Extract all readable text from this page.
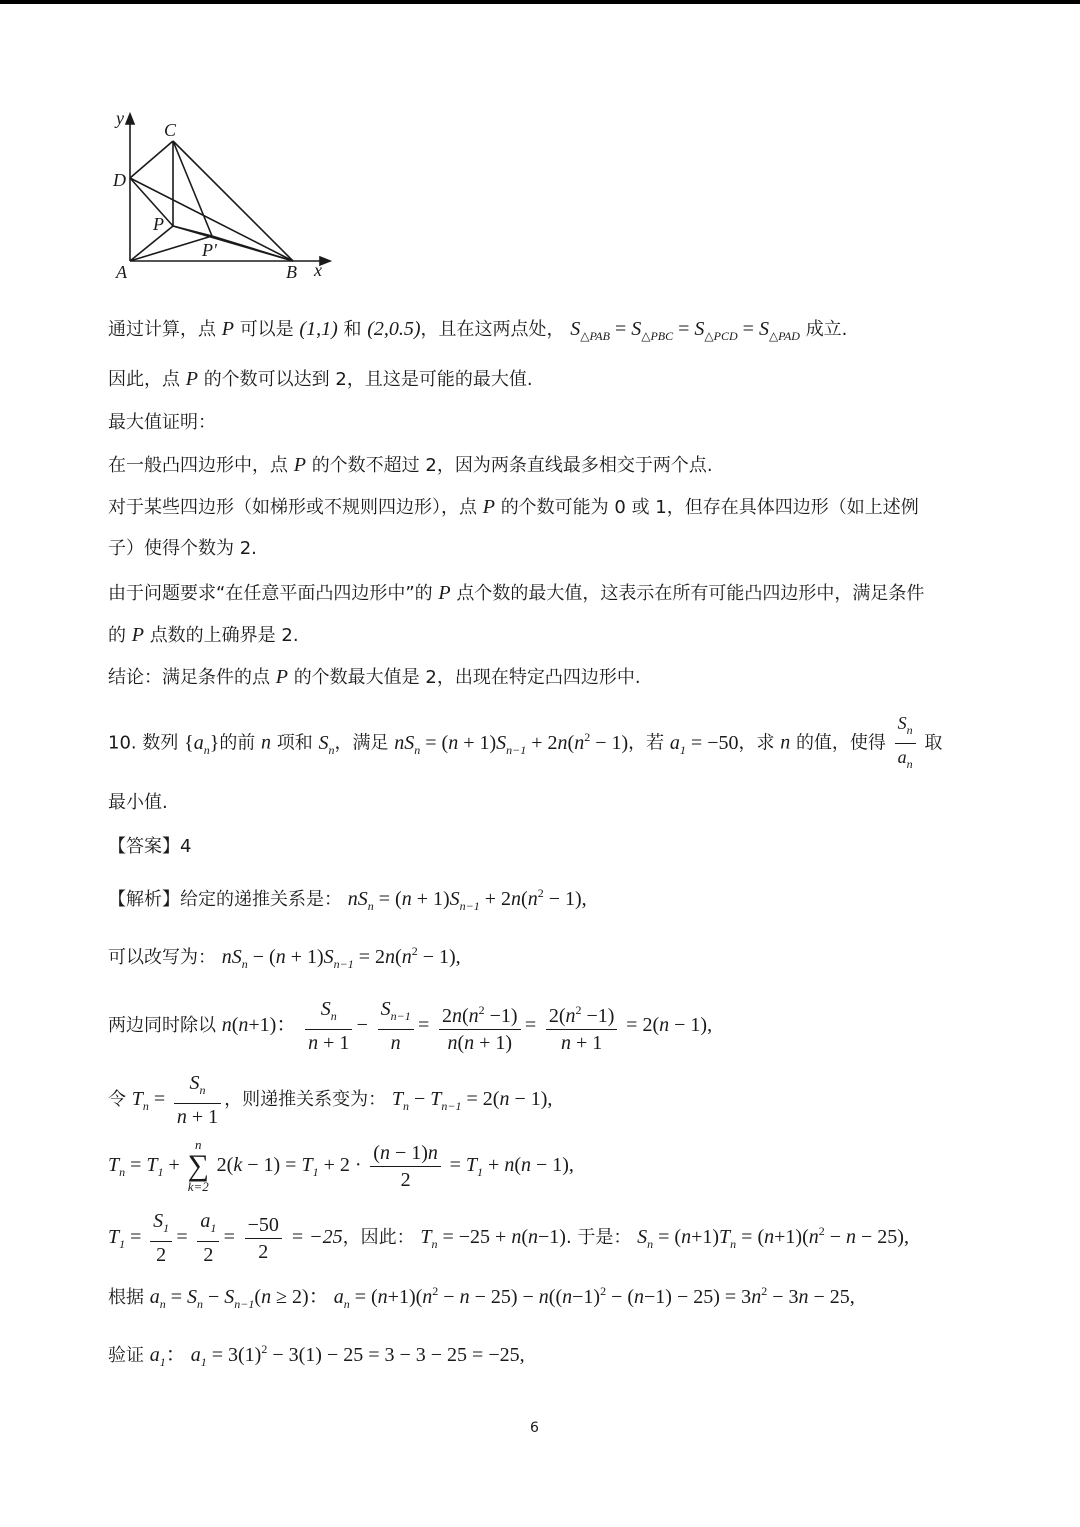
y
C
D
P
P'
A	B x
通过计算，点 P 可以是 (1,1) 和 (2,0.5)，且在这两点处， $S_{\triangle PAB} = S_{\triangle PBC} = S_{\triangle PCD} = S_{\triangle PAD}$ 成立.
因此，点 P 的个数可以达到 2，且这是可能的最大值.
最大值证明：
在一般凸四边形中，点 P 的个数不超过 2，因为两条直线最多相交于两个点.
对于某些四边形（如梯形或不规则四边形），点 P 的个数可能为 0 或 1，但存在具体四边形（如上述例
子）使得个数为 2.
由于问题要求“在任意平面凸四边形中”的 P 点个数的最大值，这表示在所有可能凸四边形中，满足条件
的 P 点数的上确界是 2.
结论：满足条件的点 P 的个数最大值是 2，出现在特定凸四边形中.
10. 数列 $\{a_n\}$的前 n 项和 $S_n$，满足 $nS_n = (n + 1)S_{n-1} + 2n(n^2 - 1)$，若 $a_1 = -50$，求 n 的值，使得 $\frac{S_n}{a_n}$ 取
最小值.
【答案】4
【解析】给定的递推关系是： $nS_n = (n + 1)S_{n-1} + 2n(n^2 - 1)$,
可以改写为： $nS_n - (n + 1)S_{n-1} = 2n(n^2 - 1)$,
两边同时除以 n(n+1)： $\frac{S_n}{n + 1} - \frac{S_{n-1}}{n} = \frac{2n(n^2 -1)}{n(n + 1)} = \frac{2(n^2 -1)}{n + 1} = 2(n - 1)$,
令 $T_n = \frac{S_n}{n + 1}$ ，则递推关系变为： $T_n - T_{n-1} = 2(n - 1)$,
$T_n = T_1 + n$
∑
k=2 $2(k - 1) = T_1 + 2 \cdot \frac{(n - 1)n}{2} = T_1 + n(n - 1)$,
$T_1 = \frac{S_1}{2} = \frac{a_1}{2} = \frac{-50}{2} = -25$，因此： $T_n = -25 + n(n-1)$. 于是： $S_n = (n+1)T_n = (n+1)(n^2 - n - 25)$,
根据 $a_n = S_n - S_{n-1}(n \ge 2)$： $a_n = (n+1)(n^2 - n - 25) - n((n-1)^2 - (n-1) - 25) = 3n^2 - 3n - 25$,
验证 $a_1$： $a_1 = 3(1)^2 - 3(1) - 25 = 3 - 3 - 25 = -25$,
6
